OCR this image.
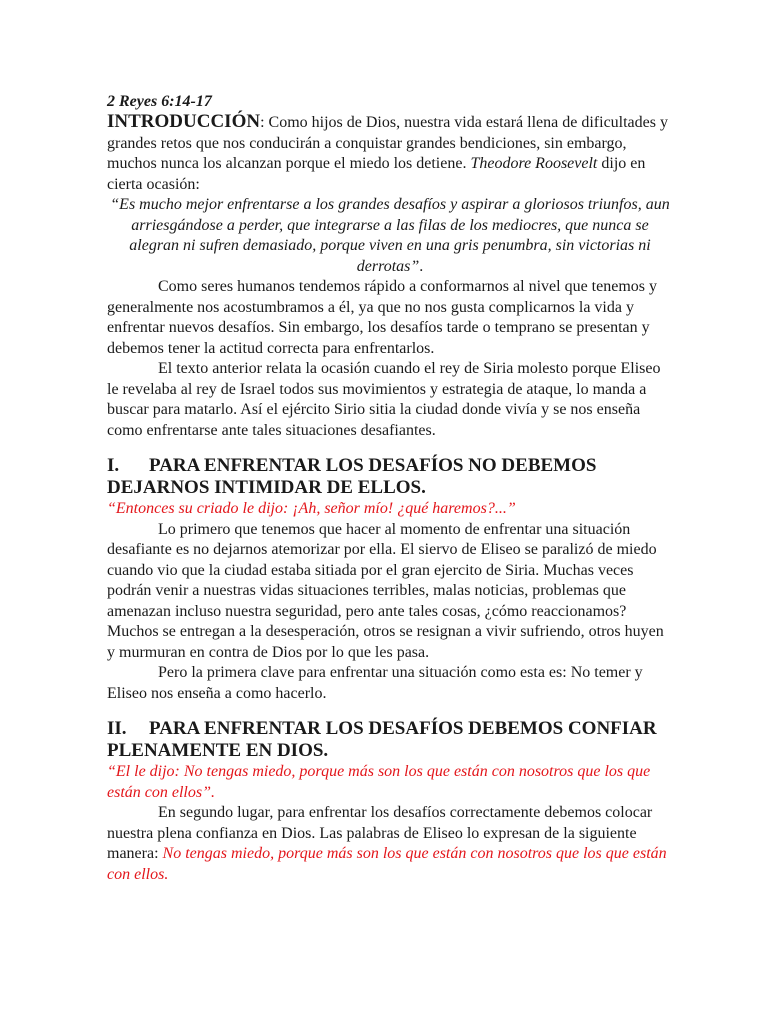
2 Reyes 6:14-17

INTRODUCCIÓN: Como hijos de Dios, nuestra vida estará llena de dificultades y grandes retos que nos conducirán a conquistar grandes bendiciones, sin embargo, muchos nunca los alcanzan porque el miedo los detiene. Theodore Roosevelt dijo en cierta ocasión:

“Es mucho mejor enfrentarse a los grandes desafíos y aspirar a gloriosos triunfos, aun arriesgándose a perder, que integrarse a las filas de los mediocres, que nunca se alegran ni sufren demasiado, porque viven en una gris penumbra, sin victorias ni derrotas”.

Como seres humanos tendemos rápido a conformarnos al nivel que tenemos y generalmente nos acostumbramos a él, ya que no nos gusta complicarnos la vida y enfrentar nuevos desafíos. Sin embargo, los desafíos tarde o temprano se presentan y debemos tener la actitud correcta para enfrentarlos.

El texto anterior relata la ocasión cuando el rey de Siria molesto porque Eliseo le revelaba al rey de Israel todos sus movimientos y estrategia de ataque, lo manda a buscar para matarlo. Así el ejército Sirio sitia la ciudad donde vivía y se nos enseña como enfrentarse ante tales situaciones desafiantes.

I. PARA ENFRENTAR LOS DESAFÍOS NO DEBEMOS DEJARNOS INTIMIDAR DE ELLOS.

“Entonces su criado le dijo: ¡Ah, señor mío! ¿qué haremos?...”

Lo primero que tenemos que hacer al momento de enfrentar una situación desafiante es no dejarnos atemorizar por ella. El siervo de Eliseo se paralizó de miedo cuando vio que la ciudad estaba sitiada por el gran ejercito de Siria. Muchas veces podrán venir a nuestras vidas situaciones terribles, malas noticias, problemas que amenazan incluso nuestra seguridad, pero ante tales cosas, ¿cómo reaccionamos? Muchos se entregan a la desesperación, otros se resignan a vivir sufriendo, otros huyen y murmuran en contra de Dios por lo que les pasa.

Pero la primera clave para enfrentar una situación como esta es: No temer y Eliseo nos enseña a como hacerlo.

II. PARA ENFRENTAR LOS DESAFÍOS DEBEMOS CONFIAR PLENAMENTE EN DIOS.

“El le dijo: No tengas miedo, porque más son los que están con nosotros que los que están con ellos”.

En segundo lugar, para enfrentar los desafíos correctamente debemos colocar nuestra plena confianza en Dios. Las palabras de Eliseo lo expresan de la siguiente manera: No tengas miedo, porque más son los que están con nosotros que los que están con ellos.
